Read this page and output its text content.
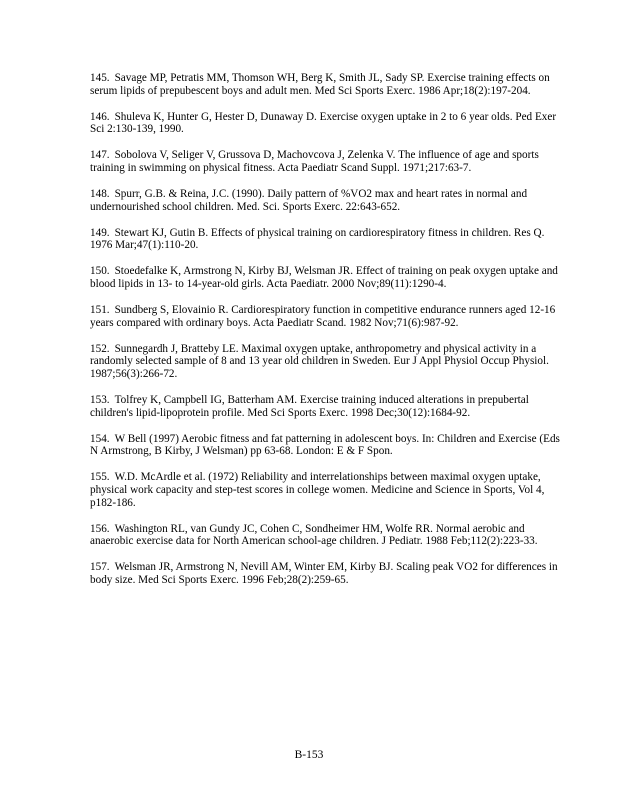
145. Savage MP, Petratis MM, Thomson WH, Berg K, Smith JL, Sady SP. Exercise training effects on serum lipids of prepubescent boys and adult men. Med Sci Sports Exerc. 1986 Apr;18(2):197-204.

146. Shuleva K, Hunter G, Hester D, Dunaway D. Exercise oxygen uptake in 2 to 6 year olds. Ped Exer Sci 2:130-139, 1990.

147. Sobolova V, Seliger V, Grussova D, Machovcova J, Zelenka V. The influence of age and sports training in swimming on physical fitness. Acta Paediatr Scand Suppl. 1971;217:63-7.

148. Spurr, G.B. & Reina, J.C. (1990). Daily pattern of %VO2 max and heart rates in normal and undernourished school children. Med. Sci. Sports Exerc. 22:643-652.

149. Stewart KJ, Gutin B. Effects of physical training on cardiorespiratory fitness in children. Res Q. 1976 Mar;47(1):110-20.

150. Stoedefalke K, Armstrong N, Kirby BJ, Welsman JR. Effect of training on peak oxygen uptake and blood lipids in 13- to 14-year-old girls. Acta Paediatr. 2000 Nov;89(11):1290-4.

151. Sundberg S, Elovainio R. Cardiorespiratory function in competitive endurance runners aged 12-16 years compared with ordinary boys. Acta Paediatr Scand. 1982 Nov;71(6):987-92.

152. Sunnegardh J, Bratteby LE. Maximal oxygen uptake, anthropometry and physical activity in a randomly selected sample of 8 and 13 year old children in Sweden. Eur J Appl Physiol Occup Physiol. 1987;56(3):266-72.

153. Tolfrey K, Campbell IG, Batterham AM. Exercise training induced alterations in prepubertal children's lipid-lipoprotein profile. Med Sci Sports Exerc. 1998 Dec;30(12):1684-92.

154. W Bell (1997) Aerobic fitness and fat patterning in adolescent boys. In: Children and Exercise (Eds N Armstrong, B Kirby, J Welsman) pp 63-68. London: E & F Spon.

155. W.D. McArdle et al. (1972) Reliability and interrelationships between maximal oxygen uptake, physical work capacity and step-test scores in college women. Medicine and Science in Sports, Vol 4, p182-186.

156. Washington RL, van Gundy JC, Cohen C, Sondheimer HM, Wolfe RR. Normal aerobic and anaerobic exercise data for North American school-age children. J Pediatr. 1988 Feb;112(2):223-33.

157. Welsman JR, Armstrong N, Nevill AM, Winter EM, Kirby BJ. Scaling peak VO2 for differences in body size. Med Sci Sports Exerc. 1996 Feb;28(2):259-65.

B-153
